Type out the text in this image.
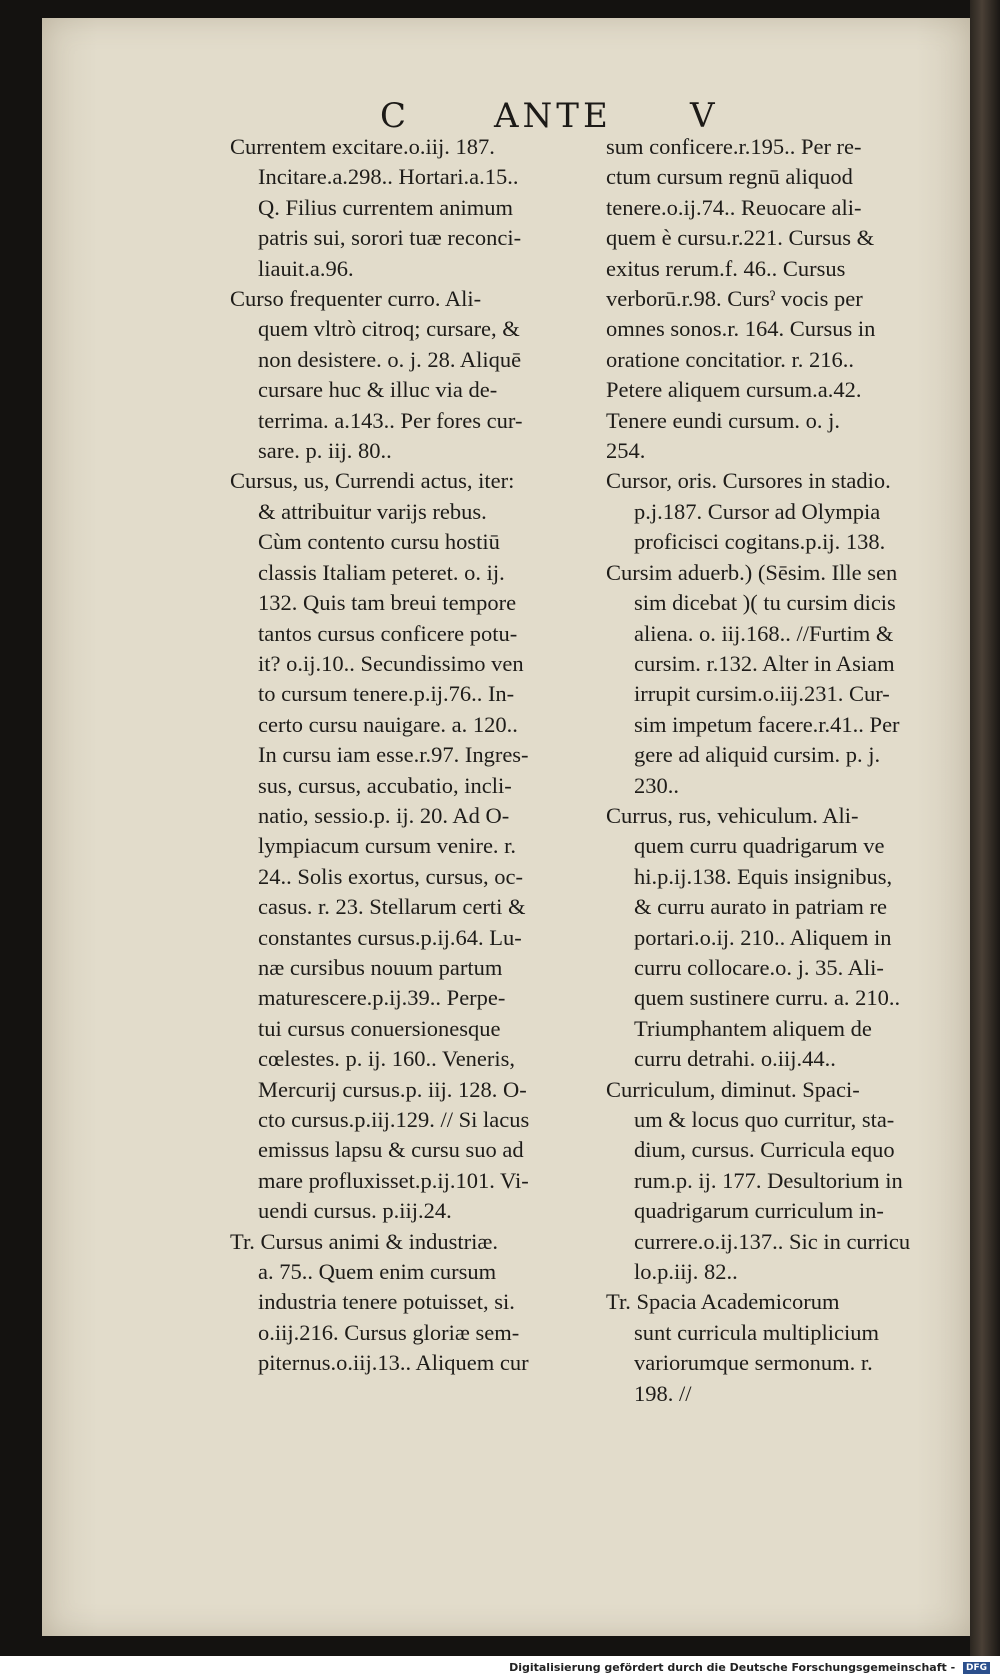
C ANTE V
Currentem excitare.o.iij. 187.
Incitare.a.298.. Hortari.a.15..
Q. Filius currentem animum
patris sui, sorori tuæ reconci-
liauit.a.96.
Curso frequenter curro. Ali-
quem vltrò citroq; cursare, &
non desistere. o. j. 28. Aliquē
cursare huc & illuc via de-
terrima. a.143.. Per fores cur-
sare. p. iij. 80..
Cursus, us, Currendi actus, iter:
& attribuitur varijs rebus.
Cùm contento cursu hostiū
classis Italiam peteret. o. ij.
132. Quis tam breui tempore
tantos cursus conficere potu-
it? o.ij.10.. Secundissimo ven
to cursum tenere.p.ij.76.. In-
certo cursu nauigare. a. 120..
In cursu iam esse.r.97. Ingres-
sus, cursus, accubatio, incli-
natio, sessio.p. ij. 20. Ad O-
lympiacum cursum venire. r.
24.. Solis exortus, cursus, oc-
casus. r. 23. Stellarum certi &
constantes cursus.p.ij.64. Lu-
næ cursibus nouum partum
maturescere.p.ij.39.. Perpe-
tui cursus conuersionesque
cœlestes. p. ij. 160.. Veneris,
Mercurij cursus.p. iij. 128. O-
cto cursus.p.iij.129. // Si lacus
emissus lapsu & cursu suo ad
mare profluxisset.p.ij.101. Vi-
uendi cursus. p.iij.24.
Tr. Cursus animi & industriæ.
a. 75.. Quem enim cursum
industria tenere potuisset, si.
o.iij.216. Cursus gloriæ sem-
piternus.o.iij.13.. Aliquem cur
sum conficere.r.195.. Per re-
ctum cursum regnū aliquod
tenere.o.ij.74.. Reuocare ali-
quem è cursu.r.221. Cursus &
exitus rerum.f. 46.. Cursus
verborū.r.98. Cursˀ vocis per
omnes sonos.r. 164. Cursus in
oratione concitatior. r. 216..
Petere aliquem cursum.a.42.
Tenere eundi cursum. o. j.
254.
Cursor, oris. Cursores in stadio.
p.j.187. Cursor ad Olympia
proficisci cogitans.p.ij. 138.
Cursim aduerb.) (Sēsim. Ille sen
sim dicebat )( tu cursim dicis
aliena. o. iij.168.. //Furtim &
cursim. r.132. Alter in Asiam
irrupit cursim.o.iij.231. Cur-
sim impetum facere.r.41.. Per
gere ad aliquid cursim. p. j.
230..
Currus, rus, vehiculum. Ali-
quem curru quadrigarum ve
hi.p.ij.138. Equis insignibus,
& curru aurato in patriam re
portari.o.ij. 210.. Aliquem in
curru collocare.o. j. 35. Ali-
quem sustinere curru. a. 210..
Triumphantem aliquem de
curru detrahi. o.iij.44..
Curriculum, diminut. Spaci-
um & locus quo curritur, sta-
dium, cursus. Curricula equo
rum.p. ij. 177. Desultorium in
quadrigarum curriculum in-
currere.o.ij.137.. Sic in curricu
lo.p.iij. 82..
Tr. Spacia Academicorum
sunt curricula multiplicium
variorumque sermonum. r.
198. //
Digitalisierung gefördert durch die Deutsche Forschungsgemeinschaft - DFG
